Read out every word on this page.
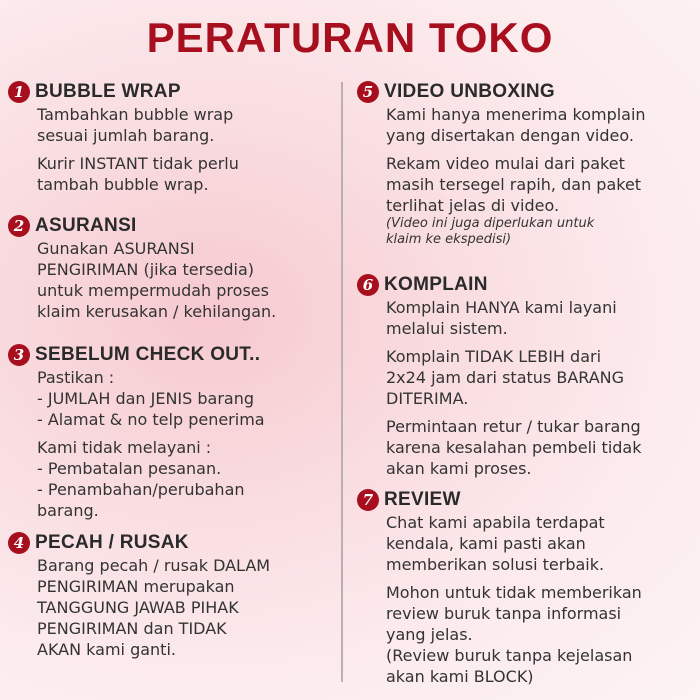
PERATURAN TOKO
1 BUBBLE WRAP

Tambahkan bubble wrap
sesuai jumlah barang.

Kurir INSTANT tidak perlu
tambah bubble wrap.

2 ASURANSI

Gunakan ASURANSI
PENGIRIMAN (jika tersedia)
untuk mempermudah proses
klaim kerusakan / kehilangan.

3 SEBELUM CHECK OUT..

Pastikan :
- JUMLAH dan JENIS barang
- Alamat & no telp penerima

Kami tidak melayani :
- Pembatalan pesanan.
- Penambahan/perubahan
barang.

4 PECAH / RUSAK

Barang pecah / rusak DALAM
PENGIRIMAN merupakan
TANGGUNG JAWAB PIHAK
PENGIRIMAN dan TIDAK
AKAN kami ganti.

5 VIDEO UNBOXING

Kami hanya menerima komplain
yang disertakan dengan video.

Rekam video mulai dari paket
masih tersegel rapih, dan paket
terlihat jelas di video.

(Video ini juga diperlukan untuk
klaim ke ekspedisi)
6 KOMPLAIN

Komplain HANYA kami layani
melalui sistem.

Komplain TIDAK LEBIH dari
2x24 jam dari status BARANG
DITERIMA.

Permintaan retur / tukar barang
karena kesalahan pembeli tidak
akan kami proses.

7 REVIEW

Chat kami apabila terdapat
kendala, kami pasti akan
memberikan solusi terbaik.

Mohon untuk tidak memberikan
review buruk tanpa informasi
yang jelas.
(Review buruk tanpa kejelasan
akan kami BLOCK)
